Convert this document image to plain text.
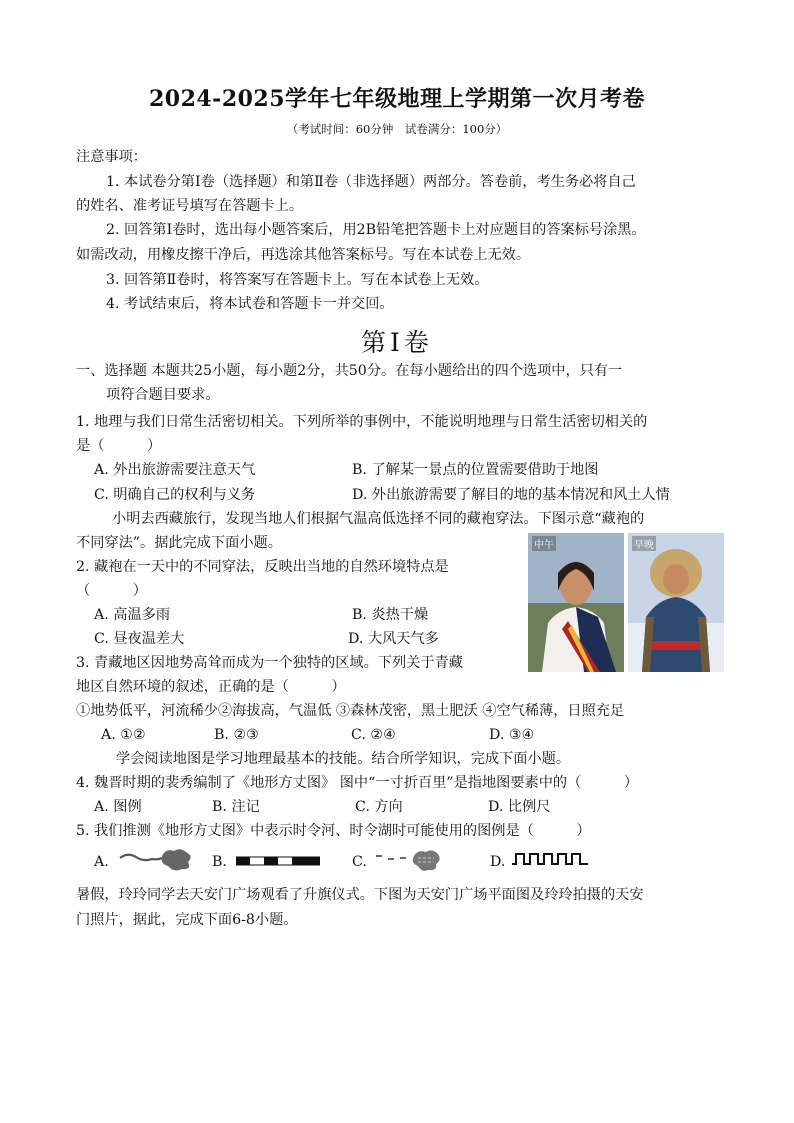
2024-2025学年七年级地理上学期第一次月考卷
（考试时间：60分钟　试卷满分：100分）
注意事项：
1. 本试卷分第Ⅰ卷（选择题）和第Ⅱ卷（非选择题）两部分。答卷前，考生务必将自己
的姓名、准考证号填写在答题卡上。
2. 回答第Ⅰ卷时，选出每小题答案后，用2B铅笔把答题卡上对应题目的答案标号涂黑。
如需改动，用橡皮擦干净后，再选涂其他答案标号。写在本试卷上无效。
3. 回答第Ⅱ卷时，将答案写在答题卡上。写在本试卷上无效。
4. 考试结束后，将本试卷和答题卡一并交回。
第Ⅰ卷
一、选择题 本题共25小题，每小题2分，共50分。在每小题给出的四个选项中，只有一
项符合题目要求。
1. 地理与我们日常生活密切相关。下列所举的事例中，不能说明地理与日常生活密切相关的
是（　　　）
A. 外出旅游需要注意天气	B. 了解某一景点的位置需要借助于地图
C. 明确自己的权利与义务	D. 外出旅游需要了解目的地的基本情况和风土人情
小明去西藏旅行，发现当地人们根据气温高低选择不同的藏袍穿法。下图示意“藏袍的
不同穿法”。据此完成下面小题。	中午	早晚
2. 藏袍在一天中的不同穿法，反映出当地的自然环境特点是
（　　　）
A. 高温多雨	B. 炎热干燥
C. 昼夜温差大	D. 大风天气多
3. 青藏地区因地势高耸而成为一个独特的区域。下列关于青藏
地区自然环境的叙述，正确的是（　　　）
①地势低平，河流稀少②海拔高，气温低 ③森林茂密，黑土肥沃 ④空气稀薄，日照充足
A. ①②	B. ②③	C. ②④	D. ③④
学会阅读地图是学习地理最基本的技能。结合所学知识，完成下面小题。
4. 魏晋时期的裴秀编制了《地形方丈图》 图中“一寸折百里”是指地图要素中的（　　　）
A. 图例	B. 注记	C. 方向	D. 比例尺
5. 我们推测《地形方丈图》中表示时令河、时令湖时可能使用的图例是（　　　）
A.	B.	C.	D.
暑假，玲玲同学去天安门广场观看了升旗仪式。下图为天安门广场平面图及玲玲拍摄的天安
门照片，据此，完成下面6-8小题。
